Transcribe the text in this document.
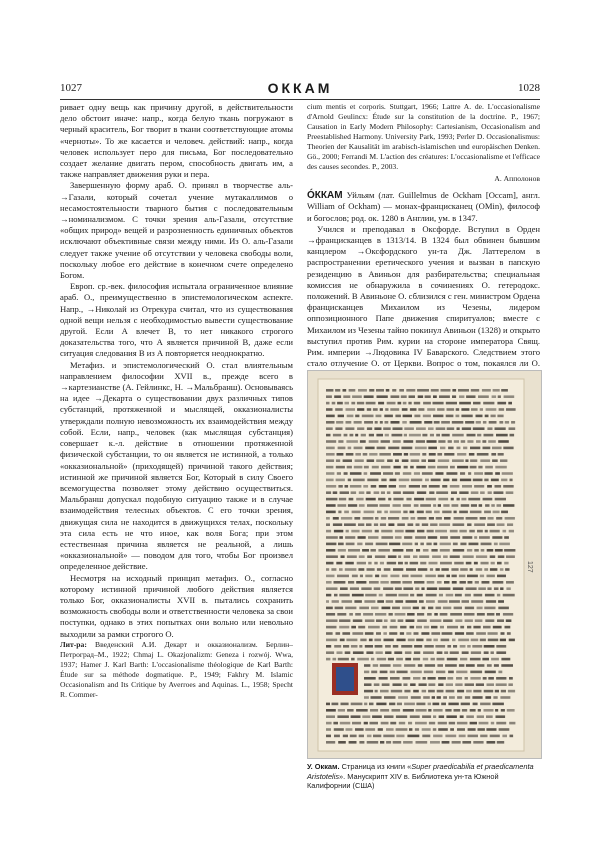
1027	ОККАМ	1028

ривает одну вещь как причину другой, в действительности дело обстоит иначе: напр., когда белую ткань погружают в черный краситель, Бог творит в ткани соответствующие атомы «черноты». То же касается и человеч. действий: напр., когда человек использует перо для письма, Бог последовательно создает желание двигать пером, способность двигать им, а также направляет движения руки и пера.

Завершенную форму араб. О. принял в творчестве аль-→Газали, который сочетал учение мутакаллимов о несамостоятельности тварного бытия с последовательным →номинализмом. С точки зрения аль-Газали, отсутствие «общих природ» вещей и разрозненность единичных объектов исключают объективные связи между ними. Из О. аль-Газали следует также учение об отсутствии у человека свободы воли, поскольку любое его действие в конечном счете определено Богом.

Европ. ср.-век. философия испытала ограниченное влияние араб. О., преимущественно в эпистемологическом аспекте. Напр., →Николай из Отрекура считал, что из существования одной вещи нельзя с необходимостью вывести существование другой. Если А влечет В, то нет никакого строгого доказательства того, что А является причиной В, даже если ситуация следования В из А повторяется неоднократно.

Метафиз. и эпистемологический О. стал влиятельным направлением философии XVII в., прежде всего в →картезианстве (А. Гейлинкс, Н. →Мальбранш). Основываясь на идее →Декарта о существовании двух различных типов субстанций, протяженной и мыслящей, окказионалисты утверждали полную невозможность их взаимодействия между собой. Если, напр., человек (как мыслящая субстанция) совершает к.-л. действие в отношении протяженной физической субстанции, то он является не истинной, а только «окказиональной» (приходящей) причиной такого действия; истинной же причиной является Бог, Который в силу Своего всемогущества позволяет этому действию осуществиться. Мальбранш допускал подобную ситуацию также и в случае взаимодействия телесных объектов. С его точки зрения, движущая сила не находится в движущихся телах, поскольку эта сила есть не что иное, как воля Бога; при этом естественная причина является не реальной, а лишь «окказиональной» — поводом для того, чтобы Бог произвел определенное действие.

Несмотря на исходный принцип метафиз. О., согласно которому истинной причиной любого действия является только Бог, окказионалисты XVII в. пытались сохранить возможность свободы воли и ответственности человека за свои поступки, однако в этих попытках они вольно или невольно выходили за рамки строгого О.

Лит-ра: Введенский А.И. Декарт и окказионализм. Берлин–Петроград–М., 1922; Chmaj L. Okazjonalizm: Geneza i rozwój. Wwa, 1937; Hamer J. Karl Barth: L'occasionalisme théologique de Karl Barth: Étude sur sa méthode dogmatique. P., 1949; Fakhry M. Islamic Occasionalism and Its Critique by Averroes and Aquinas. L., 1958; Specht R. Commer-

cium mentis et corporis. Stuttgart, 1966; Lattre A. de. L'occasionalisme d'Arnold Geulincx: Étude sur la constitution de la doctrine. P., 1967; Causation in Early Modern Philosophy: Cartesianism, Occasionalism and Preestablished Harmony. University Park, 1993; Perler D. Occasionalismus: Theorien der Kausalität im arabisch-islamischen und europäischen Denken. Gö., 2000; Ferrandi M. L'action des créatures: L'occasionalisme et l'efficace des causes secondes. P., 2003.

А. Апполонов

ÓККАМ Уйльям (лат. Guillelmus de Ockham [Occam], англ. William of Ockham) — монах-францисканец (OMin), философ и богослов; род. ок. 1280 в Англии, ум. в 1347.

Учился и преподавал в Оксфорде. Вступил в Орден →францисканцев в 1313/14. В 1324 был обвинен бывшим канцлером →Оксфордского ун-та Дж. Латтерелом в распространении еретического учения и вызван в папскую резиденцию в Авиньон для разбирательства; специальная комиссия не обнаружила в сочинениях О. гетеродокс. положений. В Авиньоне О. сблизился с ген. министром Ордена францисканцев Михаилом из Чезены, лидером оппозиционного Папе движения спиритуалов; вместе с Михаилом из Чезены тайно покинул Авиньон (1328) и открыто выступил против Рим. курии на стороне императора Свящ. Рим. империи →Людовика IV Баварского. Следствием этого стало отлучение О. от Церкви. Вопрос о том, покаялся ли О.

127
У. Оккам. Страница из книги «Super praedicabilia et praedicamenta Aristotelis». Манускрипт XIV в. Библиотека ун-та Южной Калифорнии (США)
